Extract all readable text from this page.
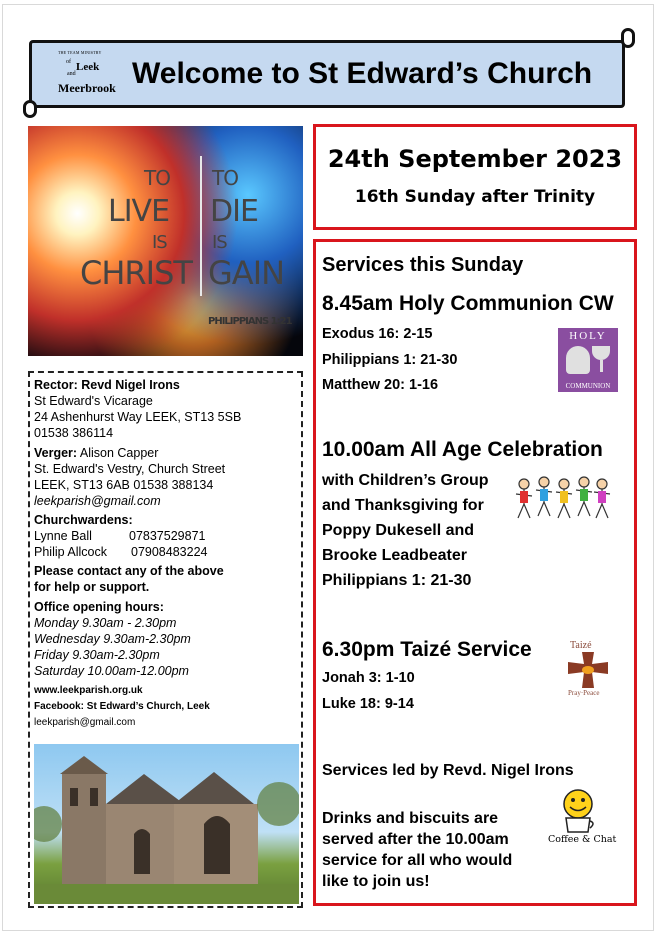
THE TEAM MINISTRY
of Leek
and
Meerbrook Welcome to St Edward’s Church
TO TO
LIVE DIE
IS	IS
CHRIST GAIN
PHILIPPIANS 1:21
24th September 2023
16th Sunday after Trinity
Services this Sunday
8.45am Holy Communion CW
Exodus 16: 2-15
Philippians 1: 21-30
Matthew 20: 1-16
HOLY
COMMUNION
10.00am All Age Celebration
with Children’s Group
and Thanksgiving for
Poppy Dukesell and
Brooke Leadbeater
Philippians 1: 21-30
6.30pm Taizé Service
Jonah 3: 1-10
Luke 18: 9-14
Taizé
Pray·Peace
Services led by Revd. Nigel Irons
Drinks and biscuits are
served after the 10.00am
service for all who would
like to join us!
Coffee & Chat
Rector: Revd Nigel Irons
St Edward's Vicarage
24 Ashenhurst Way LEEK, ST13 5SB
01538 386114
Verger: Alison Capper
St. Edward's Vestry, Church Street
LEEK, ST13 6AB 01538 388134
leekparish@gmail.com
Churchwardens:
Lynne Ball	07837529871
Philip Allcock 07908483224
Please contact any of the above
for help or support.
Office opening hours:
Monday 9.30am - 2.30pm
Wednesday 9.30am-2.30pm
Friday 9.30am-2.30pm
Saturday 10.00am-12.00pm
www.leekparish.org.uk
Facebook: St Edward’s Church, Leek
leekparish@gmail.com
